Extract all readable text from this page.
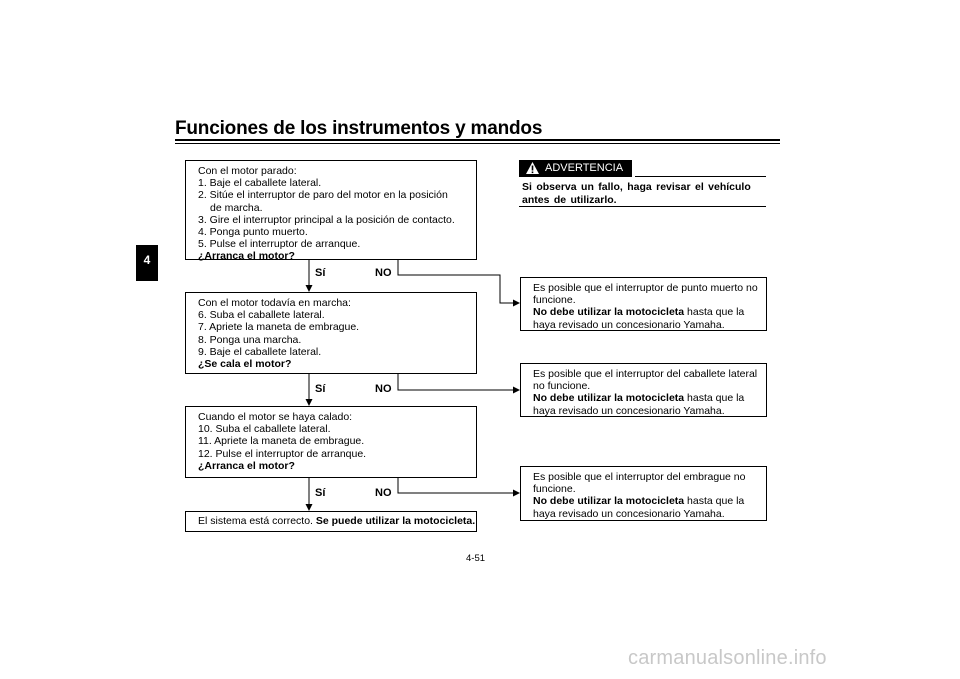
Funciones de los instrumentos y mandos
4
Con el motor parado:
1. Baje el caballete lateral.
2. Sitúe el interruptor de paro del motor en la posición
de marcha.
3. Gire el interruptor principal a la posición de contacto.
4. Ponga punto muerto.
5. Pulse el interruptor de arranque.
¿Arranca el motor?
Sí	NO
Con el motor todavía en marcha:
6. Suba el caballete lateral.
7. Apriete la maneta de embrague.
8. Ponga una marcha.
9. Baje el caballete lateral.
¿Se cala el motor?
Sí	NO
Cuando el motor se haya calado:
10. Suba el caballete lateral.
11. Apriete la maneta de embrague.
12. Pulse el interruptor de arranque.
¿Arranca el motor?
Sí	NO
El sistema está correcto. Se puede utilizar la motocicleta.
ADVERTENCIA
Si observa un fallo, haga revisar el vehículo
antes de utilizarlo.
Es posible que el interruptor de punto muerto no
funcione.
No debe utilizar la motocicleta hasta que la
haya revisado un concesionario Yamaha.
Es posible que el interruptor del caballete lateral
no funcione.
No debe utilizar la motocicleta hasta que la
haya revisado un concesionario Yamaha.
Es posible que el interruptor del embrague no
funcione.
No debe utilizar la motocicleta hasta que la
haya revisado un concesionario Yamaha.
4-51
carmanualsonline.info
